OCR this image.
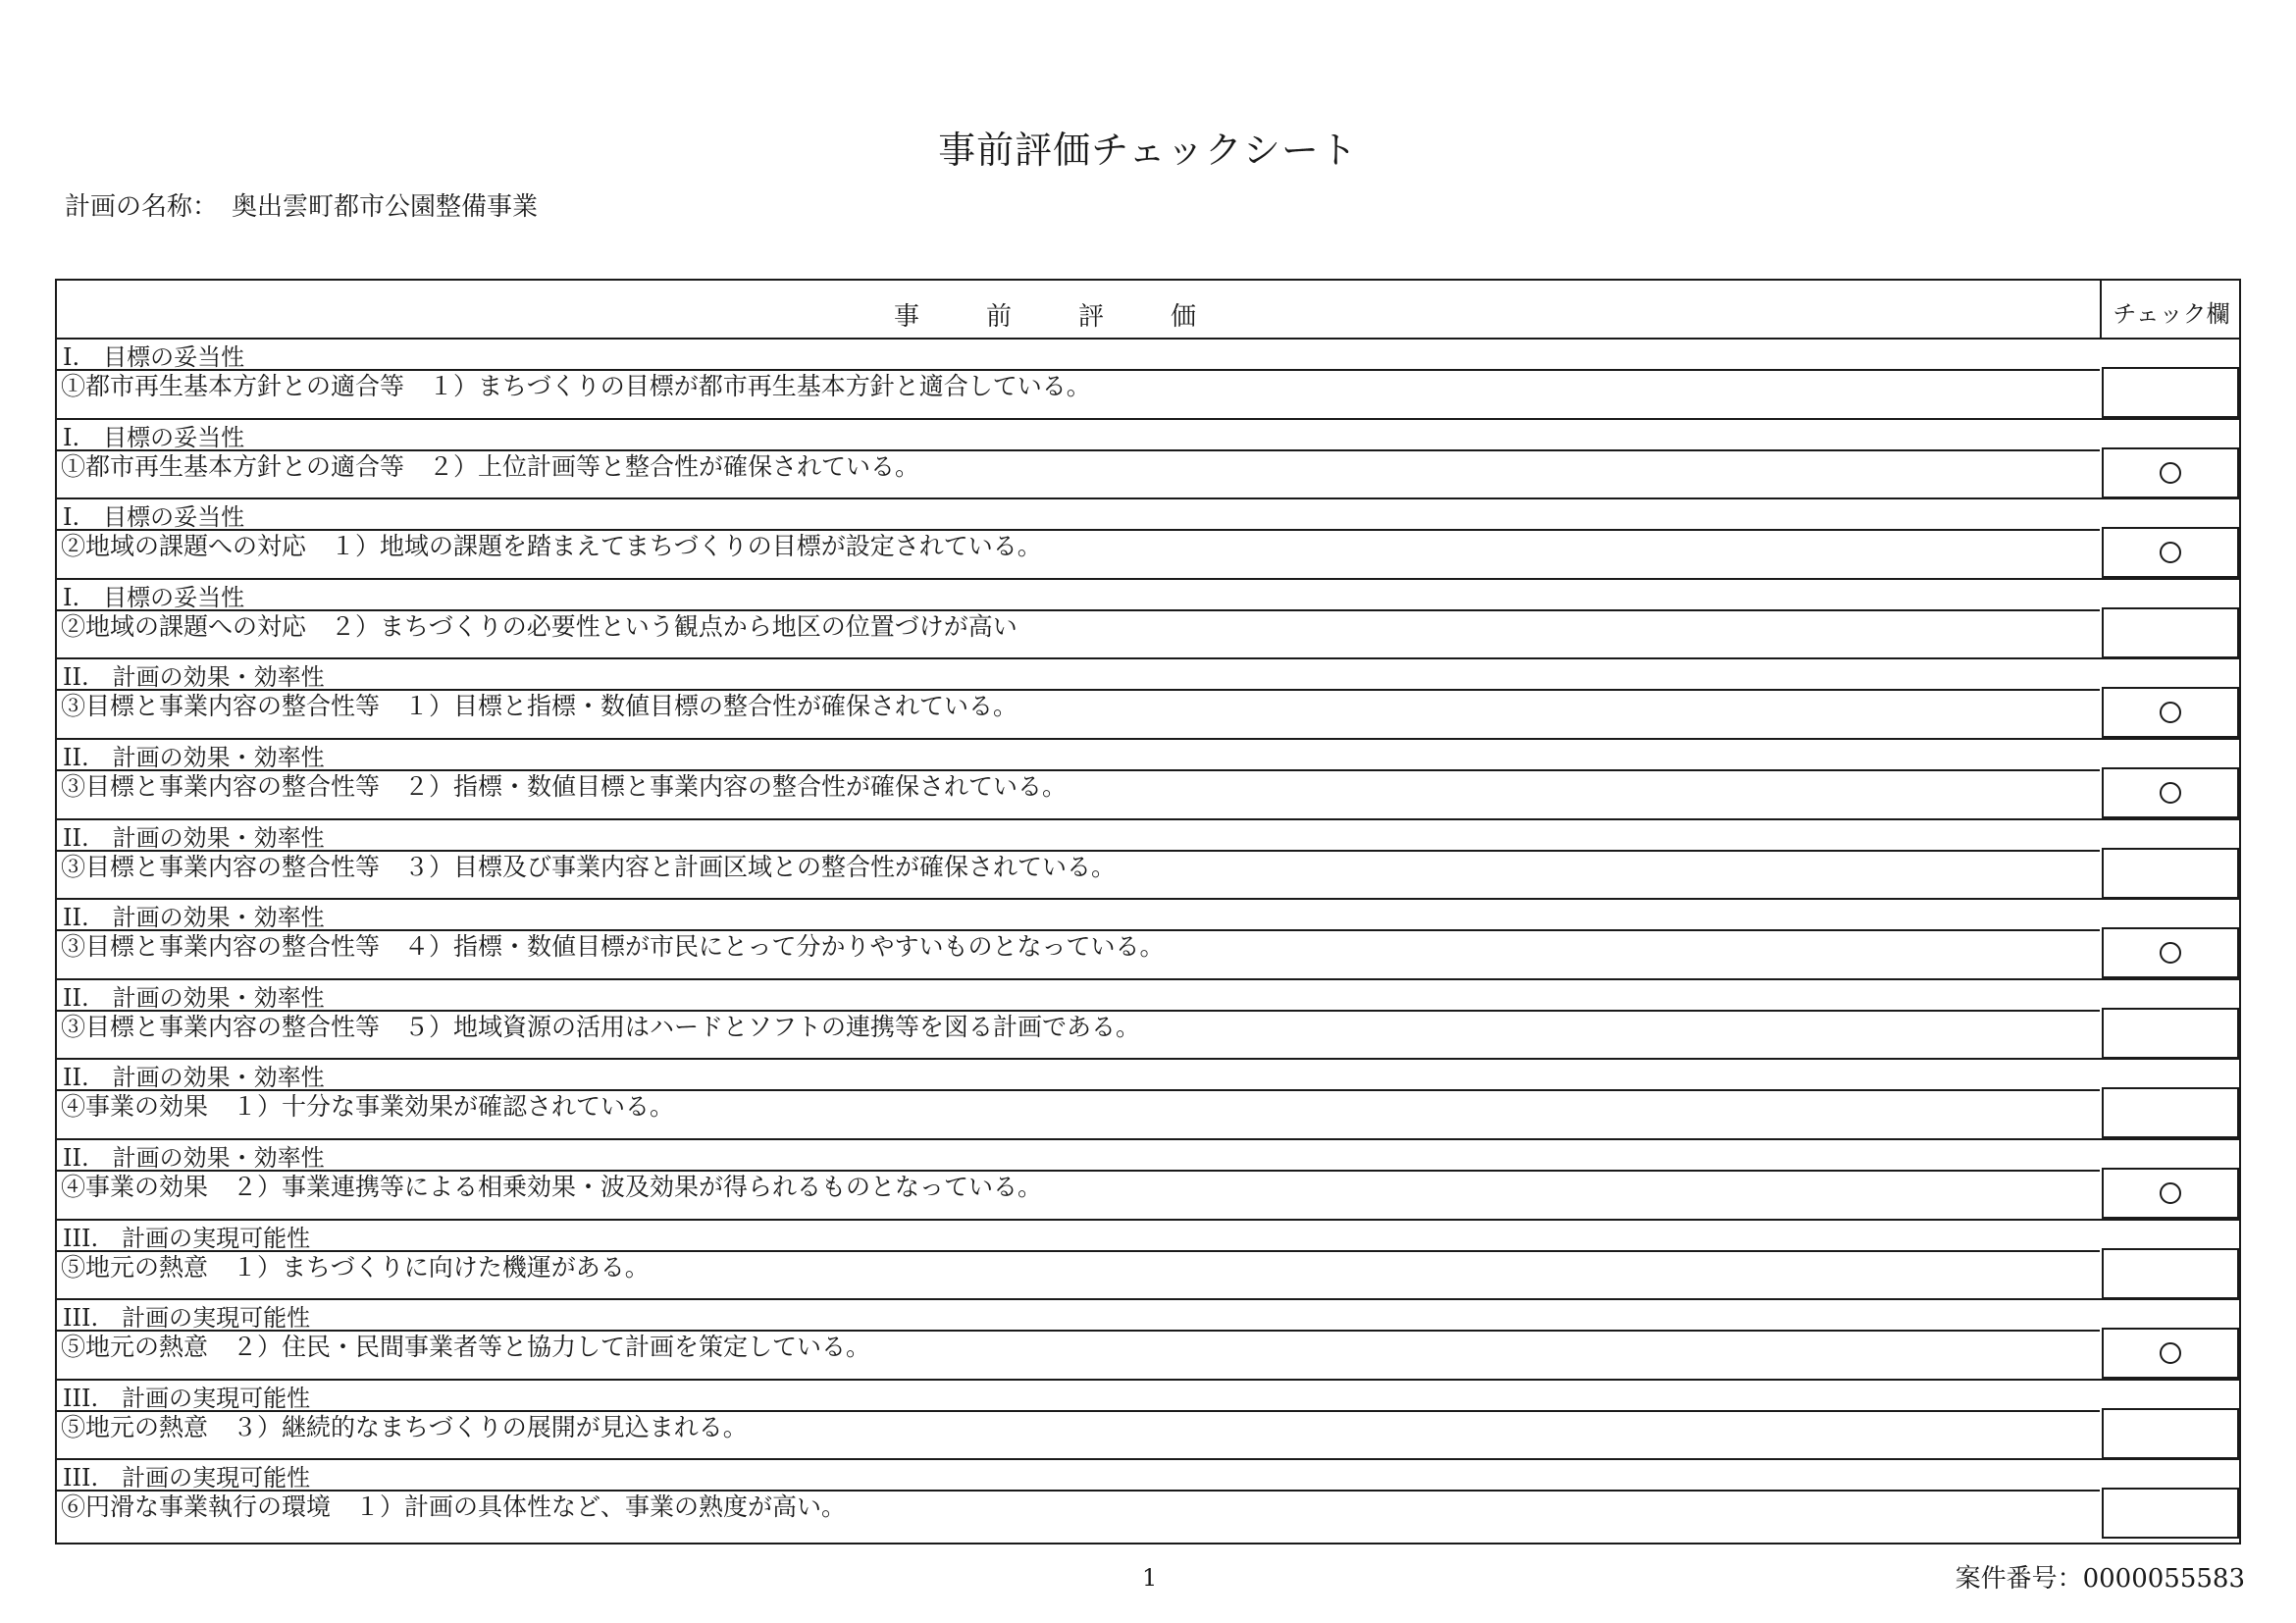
事前評価チェックシート
計画の名称： 奥出雲町都市公園整備事業
事前評価	チェック欄
I.　目標の妥当性
①都市再生基本方針との適合等　１）まちづくりの目標が都市再生基本方針と適合している。
I.　目標の妥当性
①都市再生基本方針との適合等　２）上位計画等と整合性が確保されている。
I.　目標の妥当性
②地域の課題への対応　１）地域の課題を踏まえてまちづくりの目標が設定されている。
I.　目標の妥当性
②地域の課題への対応　２）まちづくりの必要性という観点から地区の位置づけが高い
II.　計画の効果・効率性
③目標と事業内容の整合性等　１）目標と指標・数値目標の整合性が確保されている。
II.　計画の効果・効率性
③目標と事業内容の整合性等　２）指標・数値目標と事業内容の整合性が確保されている。
II.　計画の効果・効率性
③目標と事業内容の整合性等　３）目標及び事業内容と計画区域との整合性が確保されている。
II.　計画の効果・効率性
③目標と事業内容の整合性等　４）指標・数値目標が市民にとって分かりやすいものとなっている。
II.　計画の効果・効率性
③目標と事業内容の整合性等　５）地域資源の活用はハードとソフトの連携等を図る計画である。
II.　計画の効果・効率性
④事業の効果　１）十分な事業効果が確認されている。
II.　計画の効果・効率性
④事業の効果　２）事業連携等による相乗効果・波及効果が得られるものとなっている。
III.　計画の実現可能性
⑤地元の熱意　１）まちづくりに向けた機運がある。
III.　計画の実現可能性
⑤地元の熱意　２）住民・民間事業者等と協力して計画を策定している。
III.　計画の実現可能性
⑤地元の熱意　３）継続的なまちづくりの展開が見込まれる。
III.　計画の実現可能性
⑥円滑な事業執行の環境　１）計画の具体性など、事業の熟度が高い。
1	案件番号：0000055583
